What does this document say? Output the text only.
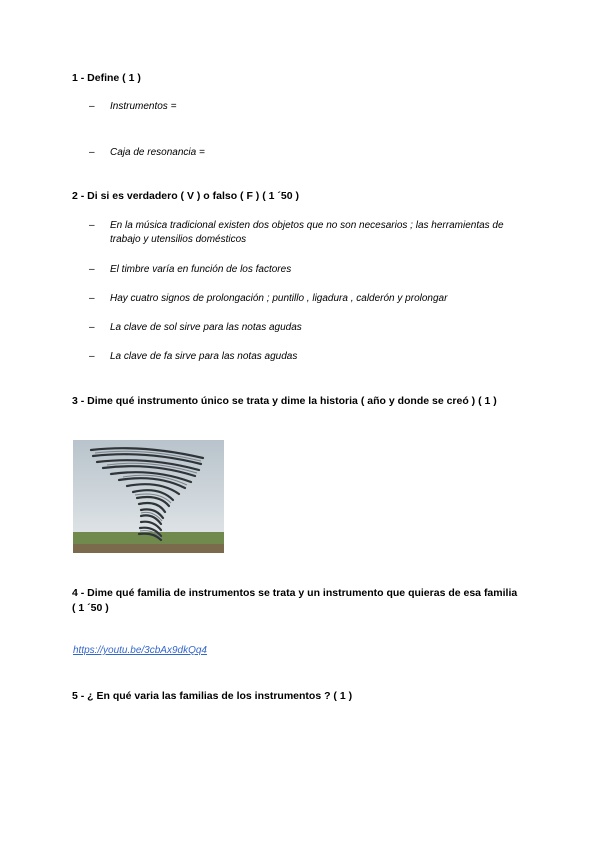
1 - Define ( 1 )
– Instrumentos =
– Caja de resonancia =
2 - Di si es verdadero ( V ) o falso ( F ) ( 1 ´50 )
– En la música tradicional existen dos objetos que no son necesarios ; las herramientas de trabajo y utensilios domésticos
– El timbre varía en función de los factores
– Hay cuatro signos de prolongación ; puntillo , ligadura , calderón y prolongar
– La clave de sol sirve para las notas agudas
– La clave de fa sirve para las notas agudas
3 - Dime qué instrumento único se trata y dime la historia ( año y donde se creó ) ( 1 )
4 - Dime qué familia de instrumentos se trata y un instrumento que quieras de esa familia ( 1 ´50 )
https://youtu.be/3cbAx9dkQq4
5 - ¿ En qué varia las familias de los instrumentos ? ( 1 )
